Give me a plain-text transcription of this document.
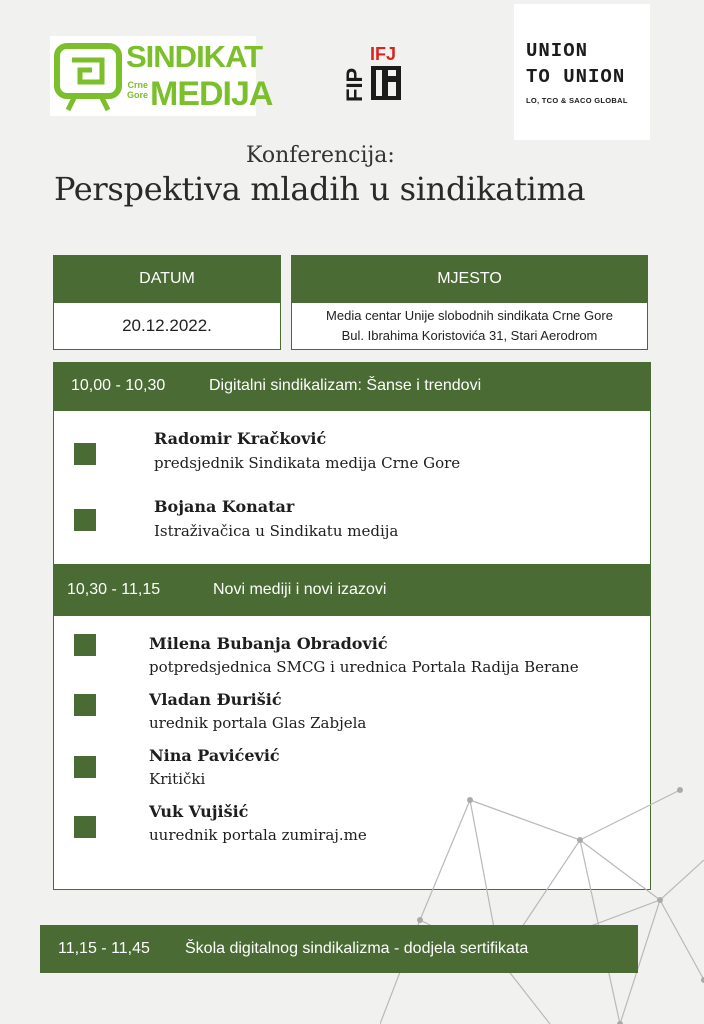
SINDIKAT
Crne
Gore MEDIJA	FIP
IFJ	UNION
TO UNION
LO, TCO & SACO GLOBAL
Konferencija:
Perspektiva mladih u sindikatima
DATUM
20.12.2022.
MJESTO
Media centar Unije slobodnih sindikata Crne Gore
Bul. Ibrahima Koristovića 31, Stari Aerodrom
10,00 - 10,30	Digitalni sindikalizam: Šanse i trendovi
Radomir Kračković
predsjednik Sindikata medija Crne Gore
Bojana Konatar
Istraživačica u Sindikatu medija
10,30 - 11,15	Novi mediji i novi izazovi
Milena Bubanja Obradović
potpredsjednica SMCG i urednica Portala Radija Berane
Vladan Đurišić
urednik portala Glas Zabjela
Nina Pavićević
Kritički
Vuk Vujišić
uurednik portala zumiraj.me
11,15 - 11,45	Škola digitalnog sindikalizma - dodjela sertifikata
